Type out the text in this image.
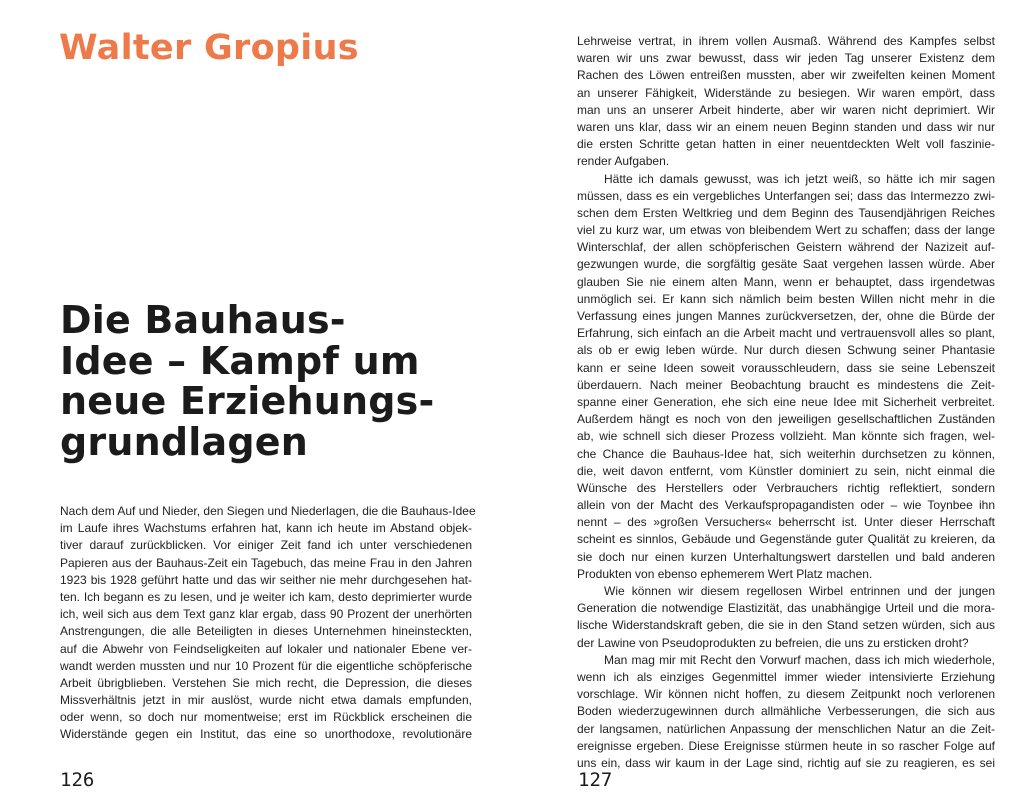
Walter Gropius
Die Bauhaus-
Idee – Kampf um
neue Erziehungs-
grundlagen
Nach dem Auf und Nieder, den Siegen und Niederlagen, die die Bauhaus-Idee
im Laufe ihres Wachstums erfahren hat, kann ich heute im Abstand objek-
tiver darauf zurückblicken. Vor einiger Zeit fand ich unter verschiedenen
Papieren aus der Bauhaus-Zeit ein Tagebuch, das meine Frau in den Jahren
1923 bis 1928 geführt hatte und das wir seither nie mehr durchgesehen hat-
ten. Ich begann es zu lesen, und je weiter ich kam, desto deprimierter wurde
ich, weil sich aus dem Text ganz klar ergab, dass 90 Prozent der unerhörten
Anstrengungen, die alle Beteiligten in dieses Unternehmen hineinsteckten,
auf die Abwehr von Feindseligkeiten auf lokaler und nationaler Ebene ver-
wandt werden mussten und nur 10 Prozent für die eigentliche schöpferische
Arbeit übrigblieben. Verstehen Sie mich recht, die Depression, die dieses
Missverhältnis jetzt in mir auslöst, wurde nicht etwa damals empfunden,
oder wenn, so doch nur momentweise; erst im Rückblick erscheinen die
Widerstände gegen ein Institut, das eine so unorthodoxe, revolutionäre
126
Lehrweise vertrat, in ihrem vollen Ausmaß. Während des Kampfes selbst
waren wir uns zwar bewusst, dass wir jeden Tag unserer Existenz dem
Rachen des Löwen entreißen mussten, aber wir zweifelten keinen Moment
an unserer Fähigkeit, Widerstände zu besiegen. Wir waren empört, dass
man uns an unserer Arbeit hinderte, aber wir waren nicht deprimiert. Wir
waren uns klar, dass wir an einem neuen Beginn standen und dass wir nur
die ersten Schritte getan hatten in einer neuentdeckten Welt voll faszinie-
render Aufgaben.
Hätte ich damals gewusst, was ich jetzt weiß, so hätte ich mir sagen
müssen, dass es ein vergebliches Unterfangen sei; dass das Intermezzo zwi-
schen dem Ersten Weltkrieg und dem Beginn des Tausendjährigen Reiches
viel zu kurz war, um etwas von bleibendem Wert zu schaffen; dass der lange
Winterschlaf, der allen schöpferischen Geistern während der Nazizeit auf-
gezwungen wurde, die sorgfältig gesäte Saat vergehen lassen würde. Aber
glauben Sie nie einem alten Mann, wenn er behauptet, dass irgendetwas
unmöglich sei. Er kann sich nämlich beim besten Willen nicht mehr in die
Verfassung eines jungen Mannes zurückversetzen, der, ohne die Bürde der
Erfahrung, sich einfach an die Arbeit macht und vertrauensvoll alles so plant,
als ob er ewig leben würde. Nur durch diesen Schwung seiner Phantasie
kann er seine Ideen soweit vorausschleudern, dass sie seine Lebenszeit
überdauern. Nach meiner Beobachtung braucht es mindestens die Zeit-
spanne einer Generation, ehe sich eine neue Idee mit Sicherheit verbreitet.
Außerdem hängt es noch von den jeweiligen gesellschaftlichen Zuständen
ab, wie schnell sich dieser Prozess vollzieht. Man könnte sich fragen, wel-
che Chance die Bauhaus-Idee hat, sich weiterhin durchsetzen zu können,
die, weit davon entfernt, vom Künstler dominiert zu sein, nicht einmal die
Wünsche des Herstellers oder Verbrauchers richtig reflektiert, sondern
allein von der Macht des Verkaufspropagandisten oder – wie Toynbee ihn
nennt – des »großen Versuchers« beherrscht ist. Unter dieser Herrschaft
scheint es sinnlos, Gebäude und Gegenstände guter Qualität zu kreieren, da
sie doch nur einen kurzen Unterhaltungswert darstellen und bald anderen
Produkten von ebenso ephemerem Wert Platz machen.
Wie können wir diesem regellosen Wirbel entrinnen und der jungen
Generation die notwendige Elastizität, das unabhängige Urteil und die mora-
lische Widerstandskraft geben, die sie in den Stand setzen würden, sich aus
der Lawine von Pseudoprodukten zu befreien, die uns zu ersticken droht?
Man mag mir mit Recht den Vorwurf machen, dass ich mich wiederhole,
wenn ich als einziges Gegenmittel immer wieder intensivierte Erziehung
vorschlage. Wir können nicht hoffen, zu diesem Zeitpunkt noch verlorenen
Boden wiederzugewinnen durch allmähliche Verbesserungen, die sich aus
der langsamen, natürlichen Anpassung der menschlichen Natur an die Zeit-
ereignisse ergeben. Diese Ereignisse stürmen heute in so rascher Folge auf
uns ein, dass wir kaum in der Lage sind, richtig auf sie zu reagieren, es sei
127
